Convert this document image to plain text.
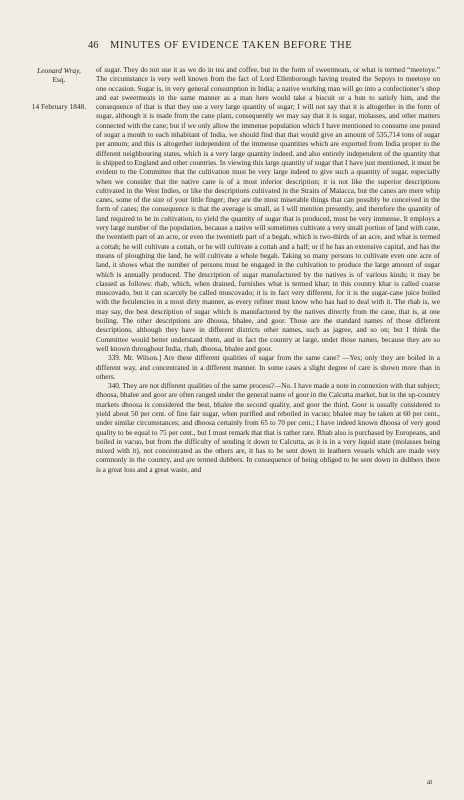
46 MINUTES OF EVIDENCE TAKEN BEFORE THE
Leonard Wray,
Esq.
14 February 1848.

of sugar. They do not use it as we do in tea and coffee, but in the form of sweetmeats, or what is termed “meetoye.” The circumstance is very well known from the fact of Lord Ellenborough having treated the Sepoys to meetoye on one occasion. Sugar is, in very general consumption in India; a native working man will go into a confectioner’s shop and eat sweetmeats in the same manner as a man here would take a biscuit or a bun to satisfy him, and the consequence of that is that they use a very large quantity of sugar; I will not say that it is altogether in the form of sugar, although it is made from the cane plant, consequently we may say that it is sugar, molasses, and other matters connected with the cane; but if we only allow the immense population which I have mentioned to consume one pound of sugar a month to each inhabitant of India, we should find that that would give an amount of 535,714 tons of sugar per annum; and this is altogether independent of the immense quantities which are exported from India proper to the different neighbouring states, which is a very large quantity indeed, and also entirely independent of the quantity that is shipped to England and other countries. In viewing this large quantity of sugar that I have just mentioned, it must be evident to the Committee that the cultivation must be very large indeed to give such a quantity of sugar, especially when we consider that the native cane is of a most inferior description; it is not like the superior descriptions cultivated in the West Indies, or like the descriptions cultivated in the Straits of Malacca, but the canes are mere whip canes, some of the size of your little finger; they are the most miserable things that can possibly be conceived in the form of canes; the consequence is that the average is small, as I will mention presently, and therefore the quantity of land required to be in cultivation, to yield the quantity of sugar that is produced, must be very immense. It employs a very large number of the population, because a native will sometimes cultivate a very small portion of land with cane, the twentieth part of an acre, or even the twentieth part of a begah, which is two-thirds of an acre, and what is termed a cottah; he will cultivate a cottah, or he will cultivate a cottah and a half; or if he has an extensive capital, and has the means of ploughing the land, he will cultivate a whole begah. Taking so many persons to cultivate even one acre of land, it shows what the number of persons must be engaged in the cultivation to produce the large amount of sugar which is annually produced. The description of sugar manufactured by the natives is of various kinds; it may be classed as follows: rhab, which, when drained, furnishes what is termed khar; in this country khar is called coarse muscovado, but it can scarcely be called muscovado; it is in fact very different, for it is the sugar-cane juice boiled with the feculencies in a most dirty manner, as every refiner must know who has had to deal with it. The rhab is, we may say, the best description of sugar which is manufactured by the natives directly from the cane, that is, at one boiling. The other descriptions are dhoosa, bhalee, and goor. Those are the standard names of those different descriptions, although they have in different districts other names, such as jagree, and so on; but I think the Committee would better understand them, and in fact the country at large, under those names, because they are so well known throughout India, rhab, dhoosa, bhalee and goor.

339. Mr. Wilson.] Are these different qualities of sugar from the same cane? —Yes; only they are boiled in a different way, and concentrated in a different manner. In some cases a slight degree of care is shown more than in others.

340. They are not different qualities of the same process?—No. I have made a note in connexion with that subject; dhoosa, bhalee and goor are often ranged under the general name of goor in the Calcutta market, but in the up-country markets dhoosa is considered the best, bhalee the second quality, and goor the third. Goor is usually considered to yield about 50 per cent. of fine fair sugar, when purified and reboiled in vacuo; bhalee may be taken at 60 per cent., under similar circumstances; and dhoosa certainly from 65 to 70 per cent.; I have indeed known dhoosa of very good quality to be equal to 75 per cent., but I must remark that that is rather rare. Rhab also is purchased by Europeans, and boiled in vacuo, but from the difficulty of sending it down to Calcutta, as it is in a very liquid state (molasses being mixed with it), not concentrated as the others are, it has to be sent down in leathern vessels which are made very commonly in the country, and are termed dubbers. In consequence of being obliged to be sent down in dubbers there is a great loss and a great waste, and

at
